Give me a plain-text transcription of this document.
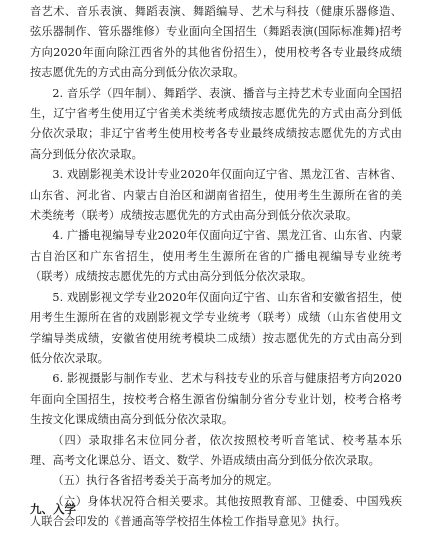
音艺术、音乐表演、舞蹈表演、舞蹈编导、艺术与科技（健康乐器修造、弦乐器制作、管乐器维修）专业面向全国招生（舞蹈表演(国际标准舞)招考方向2020年面向除江西省外的其他省份招生），使用校考各专业最终成绩按志愿优先的方式由高分到低分依次录取。

2. 音乐学（四年制）、舞蹈学、表演、播音与主持艺术专业面向全国招生，辽宁省考生使用辽宁省美术类统考成绩按志愿优先的方式由高分到低分依次录取；非辽宁省考生使用校考各专业最终成绩按志愿优先的方式由高分到低分依次录取。

3. 戏剧影视美术设计专业2020年仅面向辽宁省、黑龙江省、吉林省、山东省、河北省、内蒙古自治区和湖南省招生，使用考生生源所在省的美术类统考（联考）成绩按志愿优先的方式由高分到低分依次录取。

4. 广播电视编导专业2020年仅面向辽宁省、黑龙江省、山东省、内蒙古自治区和广东省招生，使用考生生源所在省的广播电视编导专业统考（联考）成绩按志愿优先的方式由高分到低分依次录取。

5. 戏剧影视文学专业2020年仅面向辽宁省、山东省和安徽省招生，使用考生生源所在省的戏剧影视文学专业统考（联考）成绩（山东省使用文学编导类成绩，安徽省使用统考模块二成绩）按志愿优先的方式由高分到低分依次录取。

6. 影视摄影与制作专业、艺术与科技专业的乐音与健康招考方向2020年面向全国招生，按校考合格生源省份编制分省分专业计划，校考合格考生按文化课成绩由高分到低分依次录取。

（四）录取排名末位同分者，依次按照校考听音笔试、校考基本乐理、高考文化课总分、语文、数学、外语成绩由高分到低分依次录取。

（五）执行各省招考委关于高考加分的规定。

（六）身体状况符合相关要求。其他按照教育部、卫健委、中国残疾人联合会印发的《普通高等学校招生体检工作指导意见》执行。

九、入学
